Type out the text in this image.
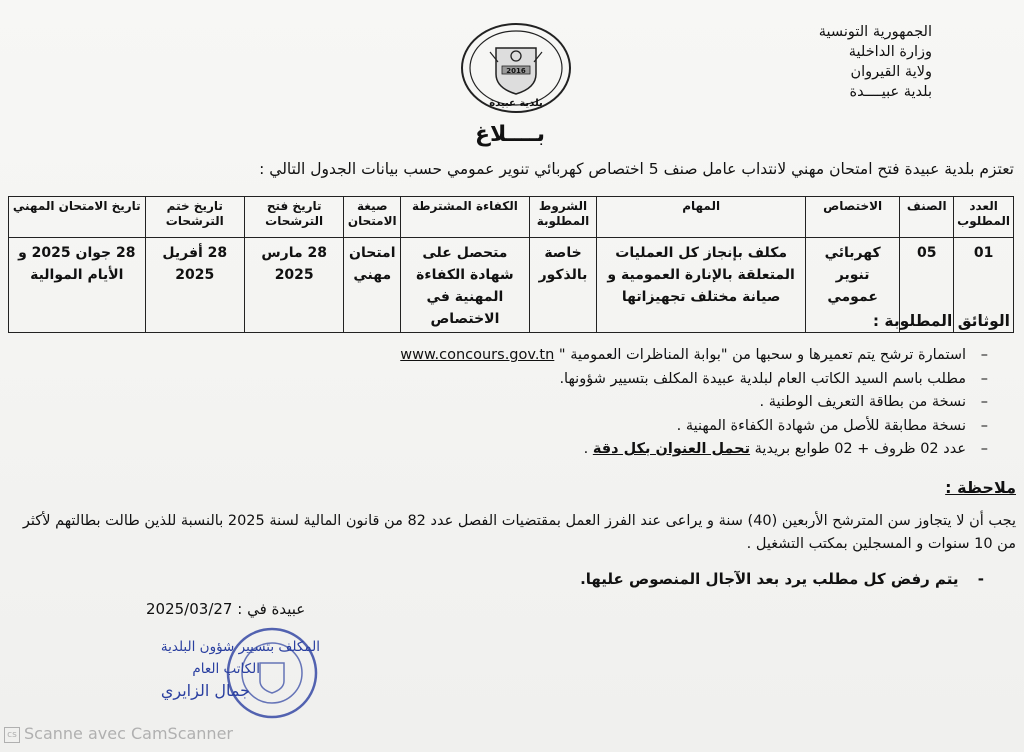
الجمهورية التونسية
وزارة الداخلية
ولاية القيروان
بلدية عبيــــدة
2016
بلدية عبيدة
بــــلاغ
تعتزم بلدية عبيدة فتح امتحان مهني لانتداب عامل صنف 5 اختصاص كهربائي تنوير عمومي حسب بيانات الجدول التالي :
العدد المطلوب	الصنف	الاختصاص	المهام	الشروط المطلوبة	الكفاءة المشترطة	صيغة الامتحان	تاريخ فتح الترشحات	تاريخ ختم الترشحات	تاريخ الامتحان المهني
01	05	كهربائي تنوير عمومي	مكلف بإنجاز كل العمليات المتعلقة بالإنارة العمومية و صيانة مختلف تجهيزاتها	خاصة بالذكور	متحصل على شهادة الكفاءة المهنية في الاختصاص	امتحان مهني	28 مارس 2025	28 أفريل 2025	28 جوان 2025 و الأيام الموالية
الوثائق المطلوبة :
– استمارة ترشح يتم تعميرها و سحبها من "بوابة المناظرات العمومية " www.concours.gov.tn
– مطلب باسم السيد الكاتب العام لبلدية عبيدة المكلف بتسيير شؤونها.
– نسخة من بطاقة التعريف الوطنية .
– نسخة مطابقة للأصل من شهادة الكفاءة المهنية .
– عدد 02 ظروف + 02 طوابع بريدية تحمل العنوان بكل دقة .
ملاحظة :
يجب أن لا يتجاوز سن المترشح الأربعين (40) سنة و يراعى عند الفرز العمل بمقتضيات الفصل عدد 82 من قانون المالية لسنة 2025 بالنسبة للذين طالت بطالتهم لأكثر من 10 سنوات و المسجلين بمكتب التشغيل .
- يتم رفض كل مطلب يرد بعد الآجال المنصوص عليها.
عبيدة في : 2025/03/27
المكلف بتسيير شؤون البلدية
الكاتب العام
جمال الزايري
cs Scanne avec CamScanner
